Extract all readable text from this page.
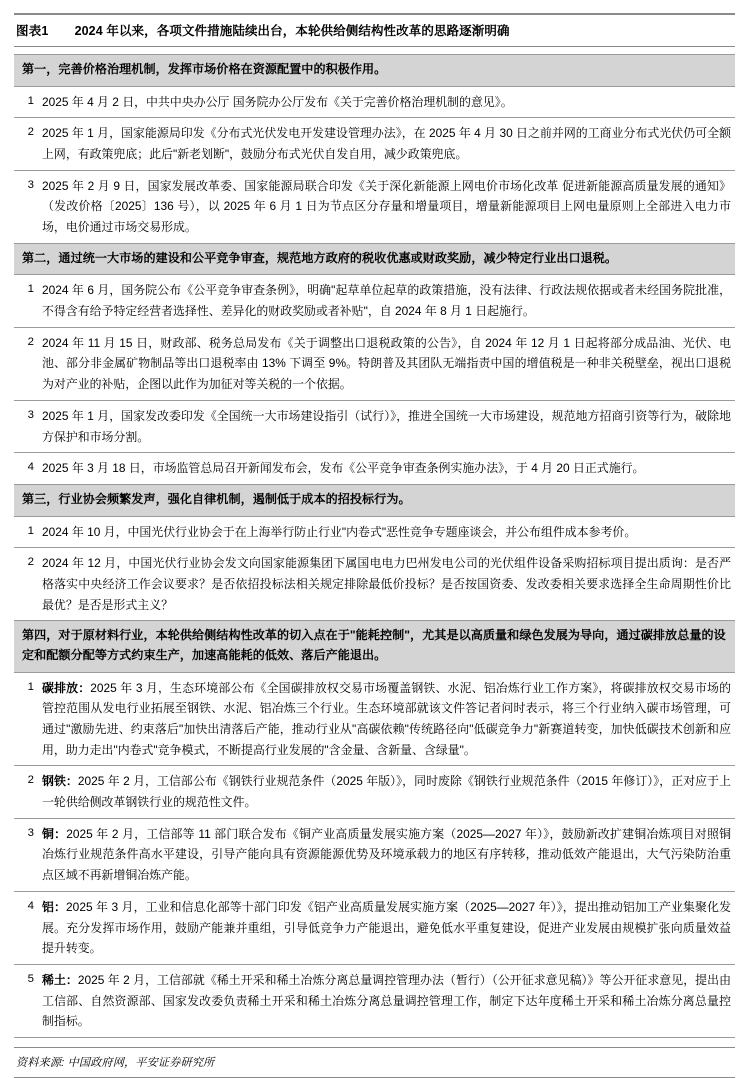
图表1 2024 年以来，各项文件措施陆续出台，本轮供给侧结构性改革的思路逐渐明确
第一，完善价格治理机制，发挥市场价格在资源配置中的积极作用。	
1	2025 年 4 月 2 日，中共中央办公厅 国务院办公厅发布《关于完善价格治理机制的意见》。
2	2025 年 1 月，国家能源局印发《分布式光伏发电开发建设管理办法》，在 2025 年 4 月 30 日之前并网的工商业分布式光伏仍可全额上网，有政策兜底；此后"新老划断"，鼓励分布式光伏自发自用，减少政策兜底。
3	2025 年 2 月 9 日，国家发展改革委、国家能源局联合印发《关于深化新能源上网电价市场化改革 促进新能源高质量发展的通知》（发改价格〔2025〕136 号），以 2025 年 6 月 1 日为节点区分存量和增量项目，增量新能源项目上网电量原则上全部进入电力市场，电价通过市场交易形成。
第二，通过统一大市场的建设和公平竞争审查，规范地方政府的税收优惠或财政奖励，减少特定行业出口退税。	
1	2024 年 6 月，国务院公布《公平竞争审查条例》，明确"起草单位起草的政策措施，没有法律、行政法规依据或者未经国务院批准，不得含有给予特定经营者选择性、差异化的财政奖励或者补贴"，自 2024 年 8 月 1 日起施行。
2	2024 年 11 月 15 日，财政部、税务总局发布《关于调整出口退税政策的公告》，自 2024 年 12 月 1 日起将部分成品油、光伏、电池、部分非金属矿物制品等出口退税率由 13% 下调至 9%。特朗普及其团队无端指责中国的增值税是一种非关税壁垒，视出口退税为对产业的补贴，企图以此作为加征对等关税的一个依据。
3	2025 年 1 月，国家发改委印发《全国统一大市场建设指引（试行）》，推进全国统一大市场建设，规范地方招商引资等行为，破除地方保护和市场分割。
4	2025 年 3 月 18 日，市场监管总局召开新闻发布会，发布《公平竞争审查条例实施办法》，于 4 月 20 日正式施行。
第三，行业协会频繁发声，强化自律机制，遏制低于成本的招投标行为。	
1	2024 年 10 月，中国光伏行业协会于在上海举行防止行业"内卷式"恶性竞争专题座谈会，并公布组件成本参考价。
2	2024 年 12 月，中国光伏行业协会发文向国家能源集团下属国电电力巴州发电公司的光伏组件设备采购招标项目提出质询：是否严格落实中央经济工作会议要求？是否依招投标法相关规定排除最低价投标？是否按国资委、发改委相关要求选择全生命周期性价比最优？是否是形式主义？
第四，对于原材料行业，本轮供给侧结构性改革的切入点在于"能耗控制"，尤其是以高质量和绿色发展为导向，通过碳排放总量的设定和配额分配等方式约束生产，加速高能耗的低效、落后产能退出。	
1	碳排放：2025 年 3 月，生态环境部公布《全国碳排放权交易市场覆盖钢铁、水泥、铝冶炼行业工作方案》，将碳排放权交易市场的管控范围从发电行业拓展至钢铁、水泥、铝冶炼三个行业。生态环境部就该文件答记者问时表示，将三个行业纳入碳市场管理，可通过"激励先进、约束落后"加快出清落后产能，推动行业从"高碳依赖"传统路径向"低碳竞争力"新赛道转变，加快低碳技术创新和应用，助力走出"内卷式"竞争模式，不断提高行业发展的"含金量、含新量、含绿量"。
2	钢铁：2025 年 2 月，工信部公布《钢铁行业规范条件（2025 年版）》，同时废除《钢铁行业规范条件（2015 年修订）》，正对应于上一轮供给侧改革钢铁行业的规范性文件。
3	铜：2025 年 2 月，工信部等 11 部门联合发布《铜产业高质量发展实施方案（2025—2027 年）》，鼓励新改扩建铜冶炼项目对照铜冶炼行业规范条件高水平建设，引导产能向具有资源能源优势及环境承载力的地区有序转移，推动低效产能退出，大气污染防治重点区域不再新增铜冶炼产能。
4	铝：2025 年 3 月，工业和信息化部等十部门印发《铝产业高质量发展实施方案（2025—2027 年）》，提出推动铝加工产业集聚化发展。充分发挥市场作用，鼓励产能兼并重组，引导低竞争力产能退出，避免低水平重复建设，促进产业发展由规模扩张向质量效益提升转变。
5	稀土：2025 年 2 月，工信部就《稀土开采和稀土冶炼分离总量调控管理办法（暂行）（公开征求意见稿）》等公开征求意见，提出由工信部、自然资源部、国家发改委负责稀土开采和稀土冶炼分离总量调控管理工作，制定下达年度稀土开采和稀土冶炼分离总量控制指标。
资料来源: 中国政府网，平安证券研究所
